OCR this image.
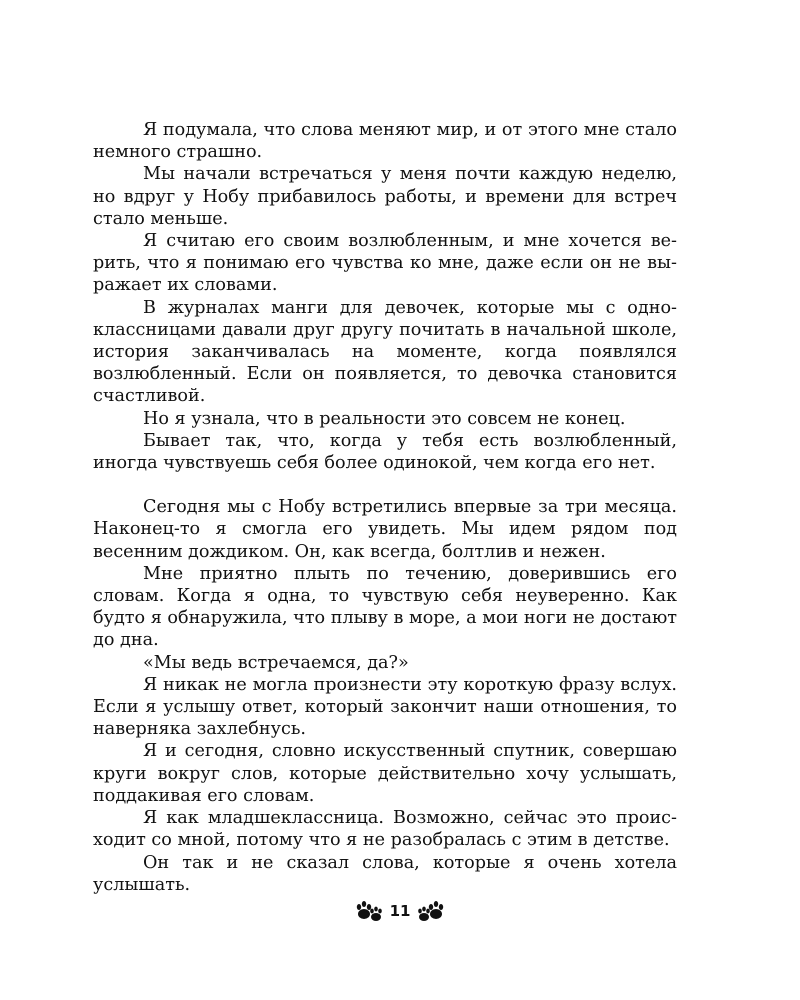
Я подумала, что слова меняют мир, и от этого мне стало немного страшно.

Мы начали встречаться у меня почти каждую неделю, но вдруг у Нобу прибавилось работы, и времени для встреч стало меньше.

Я считаю его своим возлюбленным, и мне хочется верить, что я понимаю его чувства ко мне, даже если он не выражает их словами.

В журналах манги для девочек, которые мы с одноклассницами давали друг другу почитать в начальной школе, история заканчивалась на моменте, когда появлялся возлюбленный. Если он появляется, то девочка становится счастливой.

Но я узнала, что в реальности это совсем не конец.

Бывает так, что, когда у тебя есть возлюбленный, иногда чувствуешь себя более одинокой, чем когда его нет.

Сегодня мы с Нобу встретились впервые за три месяца. Наконец-то я смогла его увидеть. Мы идем рядом под весенним дождиком. Он, как всегда, болтлив и нежен.

Мне приятно плыть по течению, доверившись его словам. Когда я одна, то чувствую себя неуверенно. Как будто я обнаружила, что плыву в море, а мои ноги не достают до дна.

«Мы ведь встречаемся, да?»

Я никак не могла произнести эту короткую фразу вслух. Если я услышу ответ, который закончит наши отношения, то наверняка захлебнусь.

Я и сегодня, словно искусственный спутник, совершаю круги вокруг слов, которые действительно хочу услышать, поддакивая его словам.

Я как младшеклассница. Возможно, сейчас это происходит со мной, потому что я не разобралась с этим в детстве.

Он так и не сказал слова, которые я очень хотела услышать.

11
